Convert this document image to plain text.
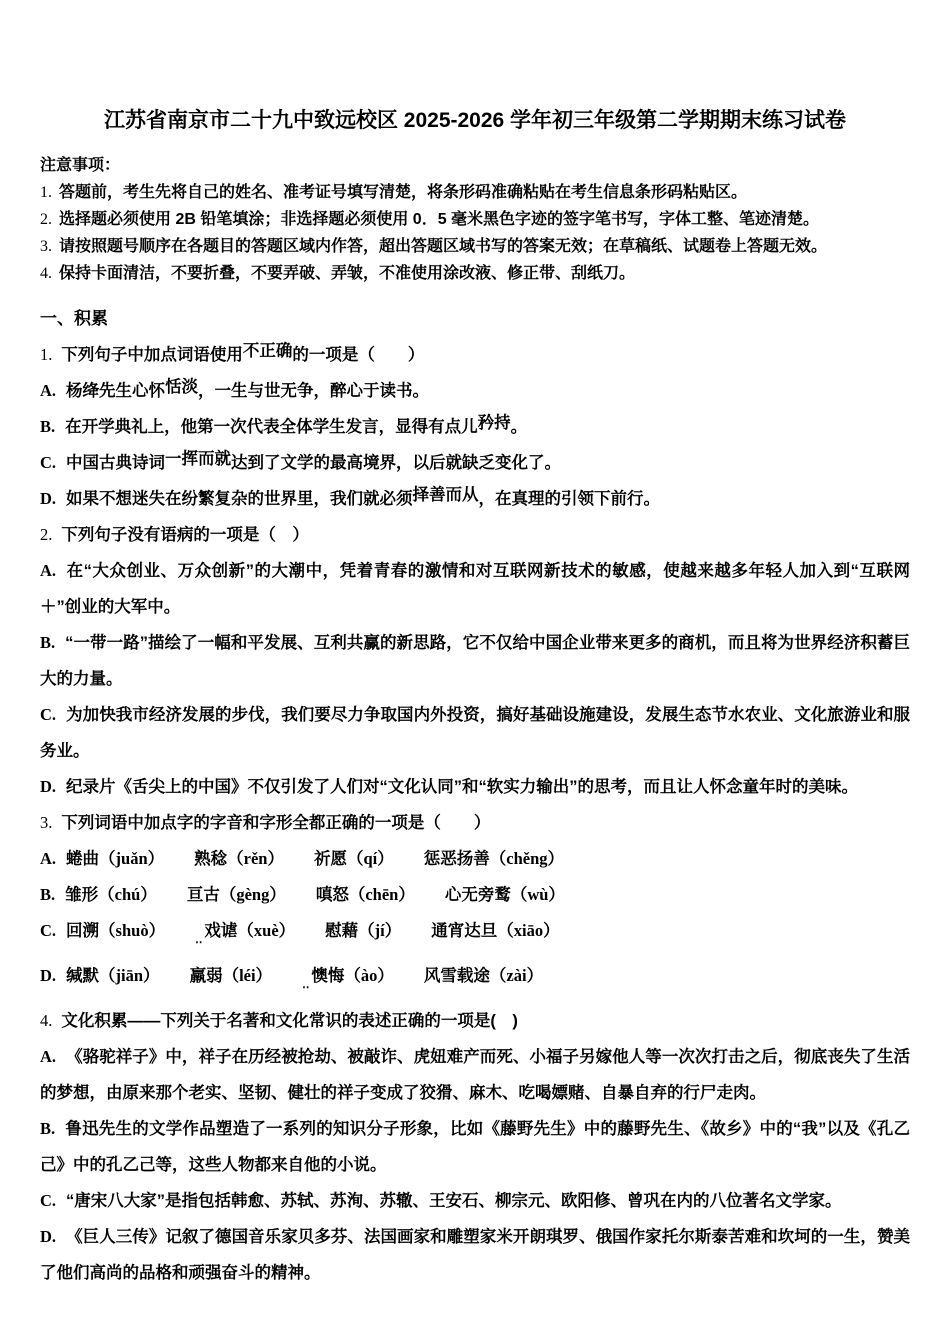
江苏省南京市二十九中致远校区 2025-2026 学年初三年级第二学期期末练习试卷
注意事项：

1. 答题前，考生先将自己的姓名、准考证号填写清楚，将条形码准确粘贴在考生信息条形码粘贴区。

2. 选择题必须使用 2B 铅笔填涂；非选择题必须使用 0．5 毫米黑色字迹的签字笔书写，字体工整、笔迹清楚。

3. 请按照题号顺序在各题目的答题区域内作答，超出答题区域书写的答案无效；在草稿纸、试题卷上答题无效。

4. 保持卡面清洁，不要折叠，不要弄破、弄皱，不准使用涂改液、修正带、刮纸刀。

一、积累

1. 下列句子中加点词语使用不正确的一项是（　　）

A. 杨绛先生心怀恬淡，一生与世无争，醉心于读书。

B. 在开学典礼上，他第一次代表全体学生发言，显得有点儿矜持。

C. 中国古典诗词一挥而就达到了文学的最高境界，以后就缺乏变化了。

D. 如果不想迷失在纷繁复杂的世界里，我们就必须择善而从，在真理的引领下前行。

2. 下列句子没有语病的一项是（　）

A. 在“大众创业、万众创新”的大潮中，凭着青春的激情和对互联网新技术的敏感，使越来越多年轻人加入到“互联网＋”创业的大军中。

B. “一带一路”描绘了一幅和平发展、互利共赢的新思路，它不仅给中国企业带来更多的商机，而且将为世界经济积蓄巨大的力量。

C. 为加快我市经济发展的步伐，我们要尽力争取国内外投资，搞好基础设施建设，发展生态节水农业、文化旅游业和服务业。

D. 纪录片《舌尖上的中国》不仅引发了人们对“文化认同”和“软实力输出”的思考，而且让人怀念童年时的美味。

3. 下列词语中加点字的字音和字形全都正确的一项是（　　）

A. 蜷曲（juǎn） 熟稔（rěn） 祈愿（qí） 惩恶扬善（chěng）

B. 雏形（chú） 亘古（gèng） 嗔怒（chēn） 心无旁鹜（wù）

C. 回溯（shuò） ‥ 戏谑（xuè） 慰藉（jí） 通宵达旦（xiāo）

D. 缄默（jiān） 羸弱（léi） ‥ 懊悔（ào） 风雪载途（zài）

4. 文化积累——下列关于名著和文化常识的表述正确的一项是(　)

A. 《骆驼祥子》中，祥子在历经被抢劫、被敲诈、虎妞难产而死、小福子另嫁他人等一次次打击之后，彻底丧失了生活的梦想，由原来那个老实、坚韧、健壮的祥子变成了狡猾、麻木、吃喝嫖赌、自暴自弃的行尸走肉。

B. 鲁迅先生的文学作品塑造了一系列的知识分子形象，比如《藤野先生》中的藤野先生、《故乡》中的“我”以及《孔乙己》中的孔乙己等，这些人物都来自他的小说。

C. “唐宋八大家”是指包括韩愈、苏轼、苏洵、苏辙、王安石、柳宗元、欧阳修、曾巩在内的八位著名文学家。

D. 《巨人三传》记叙了德国音乐家贝多芬、法国画家和雕塑家米开朗琪罗、俄国作家托尔斯泰苦难和坎坷的一生，赞美了他们高尚的品格和顽强奋斗的精神。
